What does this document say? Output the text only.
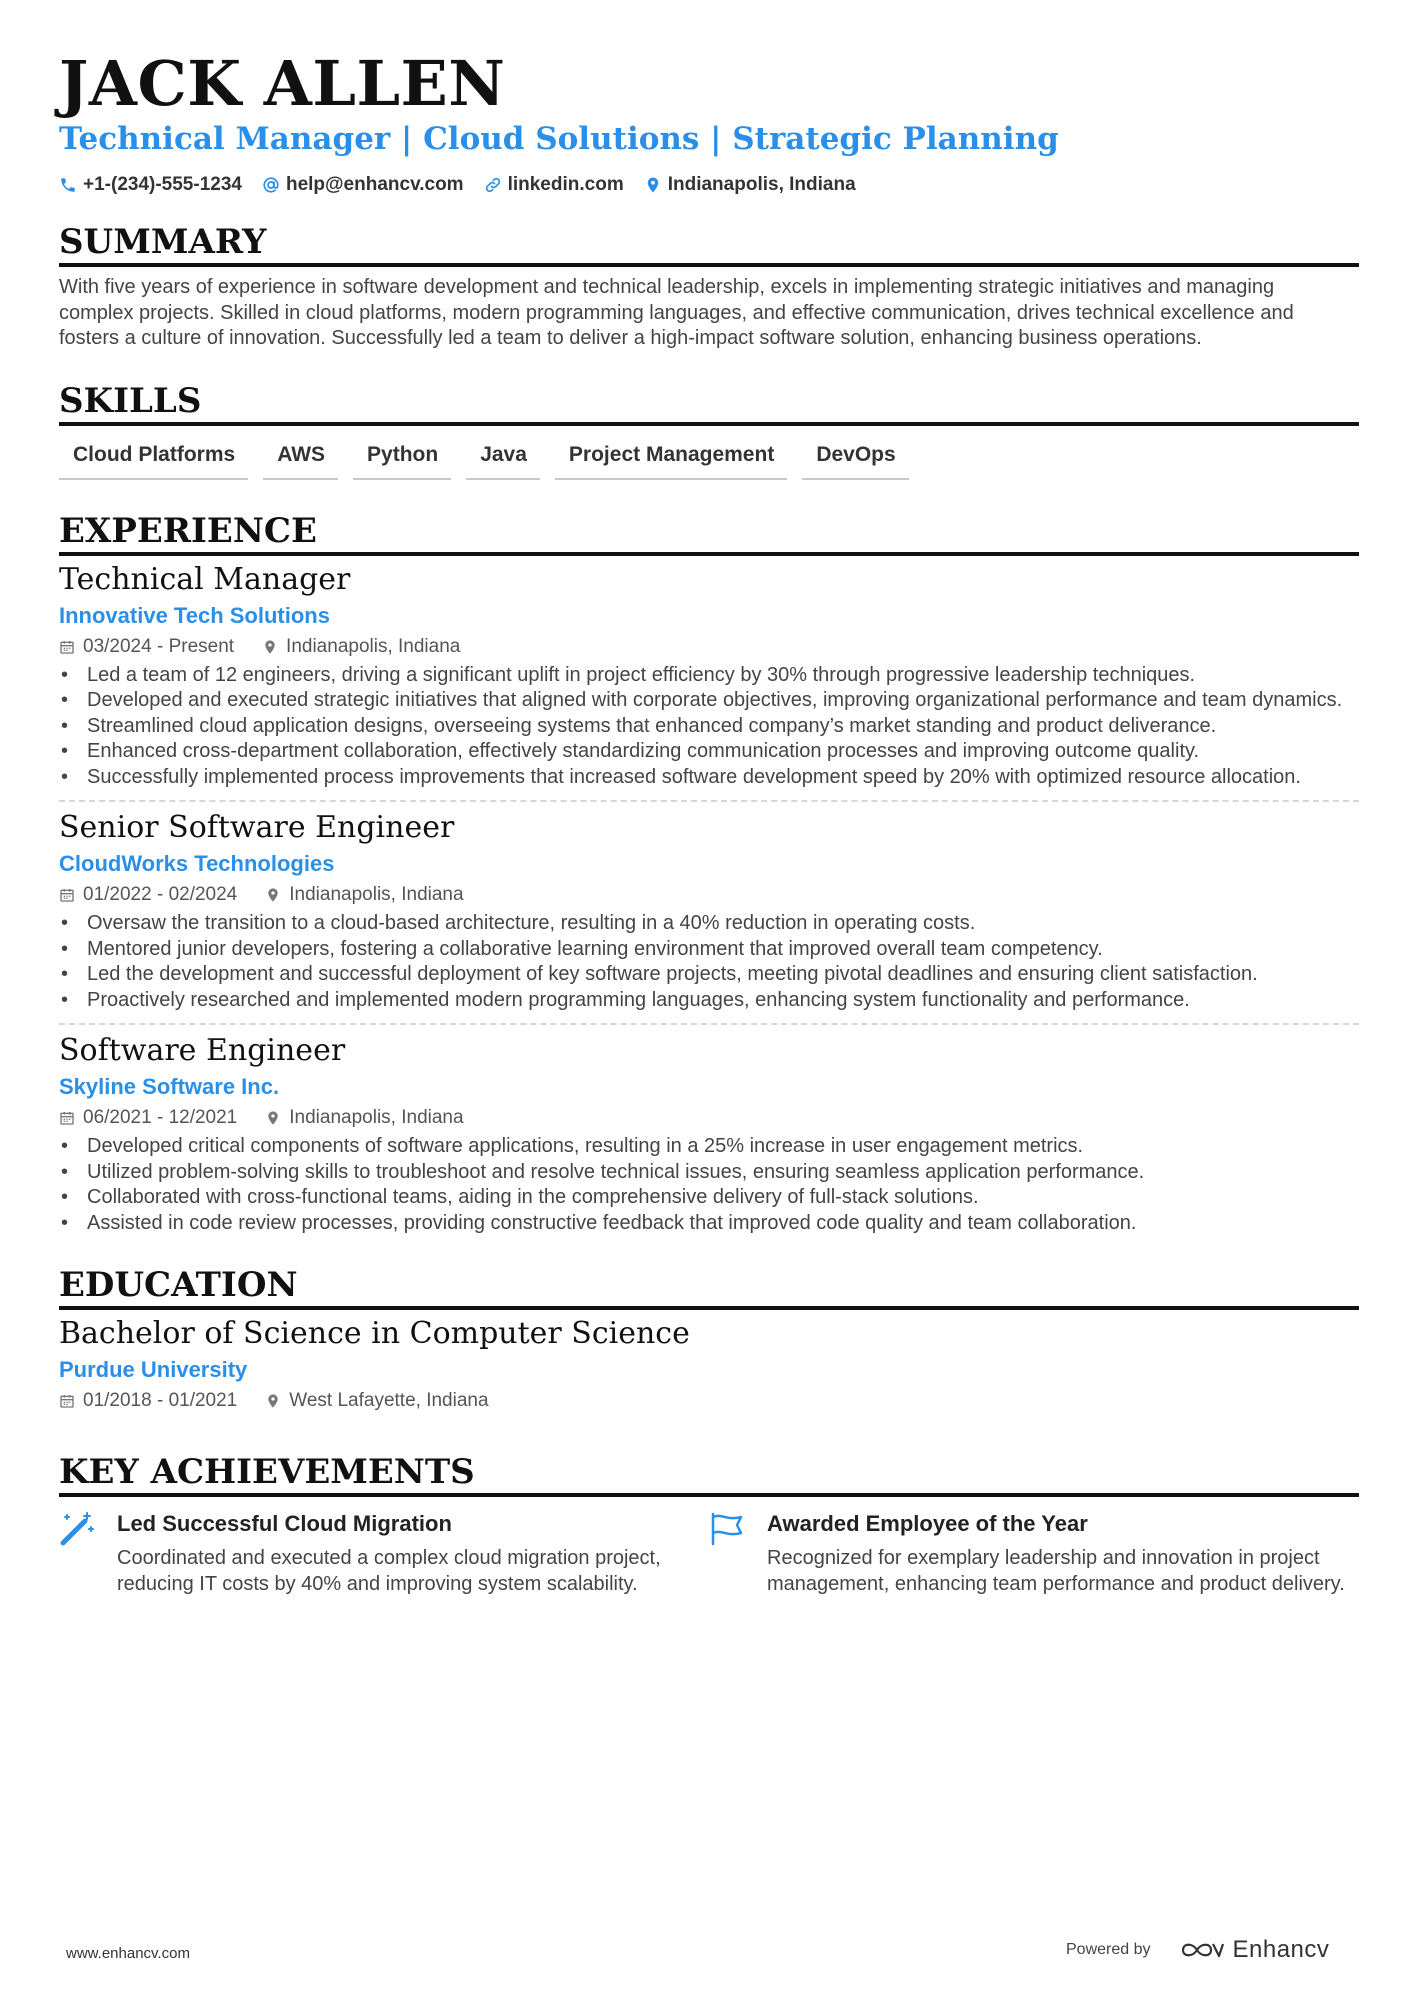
JACK ALLEN
Technical Manager | Cloud Solutions | Strategic Planning
+1-(234)-555-1234 help@enhancv.com linkedin.com Indianapolis, Indiana
SUMMARY
With five years of experience in software development and technical leadership, excels in implementing strategic initiatives and managing complex projects. Skilled in cloud platforms, modern programming languages, and effective communication, drives technical excellence and fosters a culture of innovation. Successfully led a team to deliver a high-impact software solution, enhancing business operations.
SKILLS
Cloud Platforms	AWS	Python	Java	Project Management	DevOps
EXPERIENCE
Technical Manager
Innovative Tech Solutions
03/2024 - Present	Indianapolis, Indiana
• Led a team of 12 engineers, driving a significant uplift in project efficiency by 30% through progressive leadership techniques.
• Developed and executed strategic initiatives that aligned with corporate objectives, improving organizational performance and team dynamics.
• Streamlined cloud application designs, overseeing systems that enhanced company’s market standing and product deliverance.
• Enhanced cross-department collaboration, effectively standardizing communication processes and improving outcome quality.
• Successfully implemented process improvements that increased software development speed by 20% with optimized resource allocation.
Senior Software Engineer
CloudWorks Technologies
01/2022 - 02/2024	Indianapolis, Indiana
• Oversaw the transition to a cloud-based architecture, resulting in a 40% reduction in operating costs.
• Mentored junior developers, fostering a collaborative learning environment that improved overall team competency.
• Led the development and successful deployment of key software projects, meeting pivotal deadlines and ensuring client satisfaction.
• Proactively researched and implemented modern programming languages, enhancing system functionality and performance.
Software Engineer
Skyline Software Inc.
06/2021 - 12/2021	Indianapolis, Indiana
• Developed critical components of software applications, resulting in a 25% increase in user engagement metrics.
• Utilized problem-solving skills to troubleshoot and resolve technical issues, ensuring seamless application performance.
• Collaborated with cross-functional teams, aiding in the comprehensive delivery of full-stack solutions.
• Assisted in code review processes, providing constructive feedback that improved code quality and team collaboration.
EDUCATION
Bachelor of Science in Computer Science
Purdue University
01/2018 - 01/2021	West Lafayette, Indiana
KEY ACHIEVEMENTS
Led Successful Cloud Migration
Coordinated and executed a complex cloud migration project, reducing IT costs by 40% and improving system scalability.
Awarded Employee of the Year
Recognized for exemplary leadership and innovation in project management, enhancing team performance and product delivery.
www.enhancv.com	Powered by	Enhancv
